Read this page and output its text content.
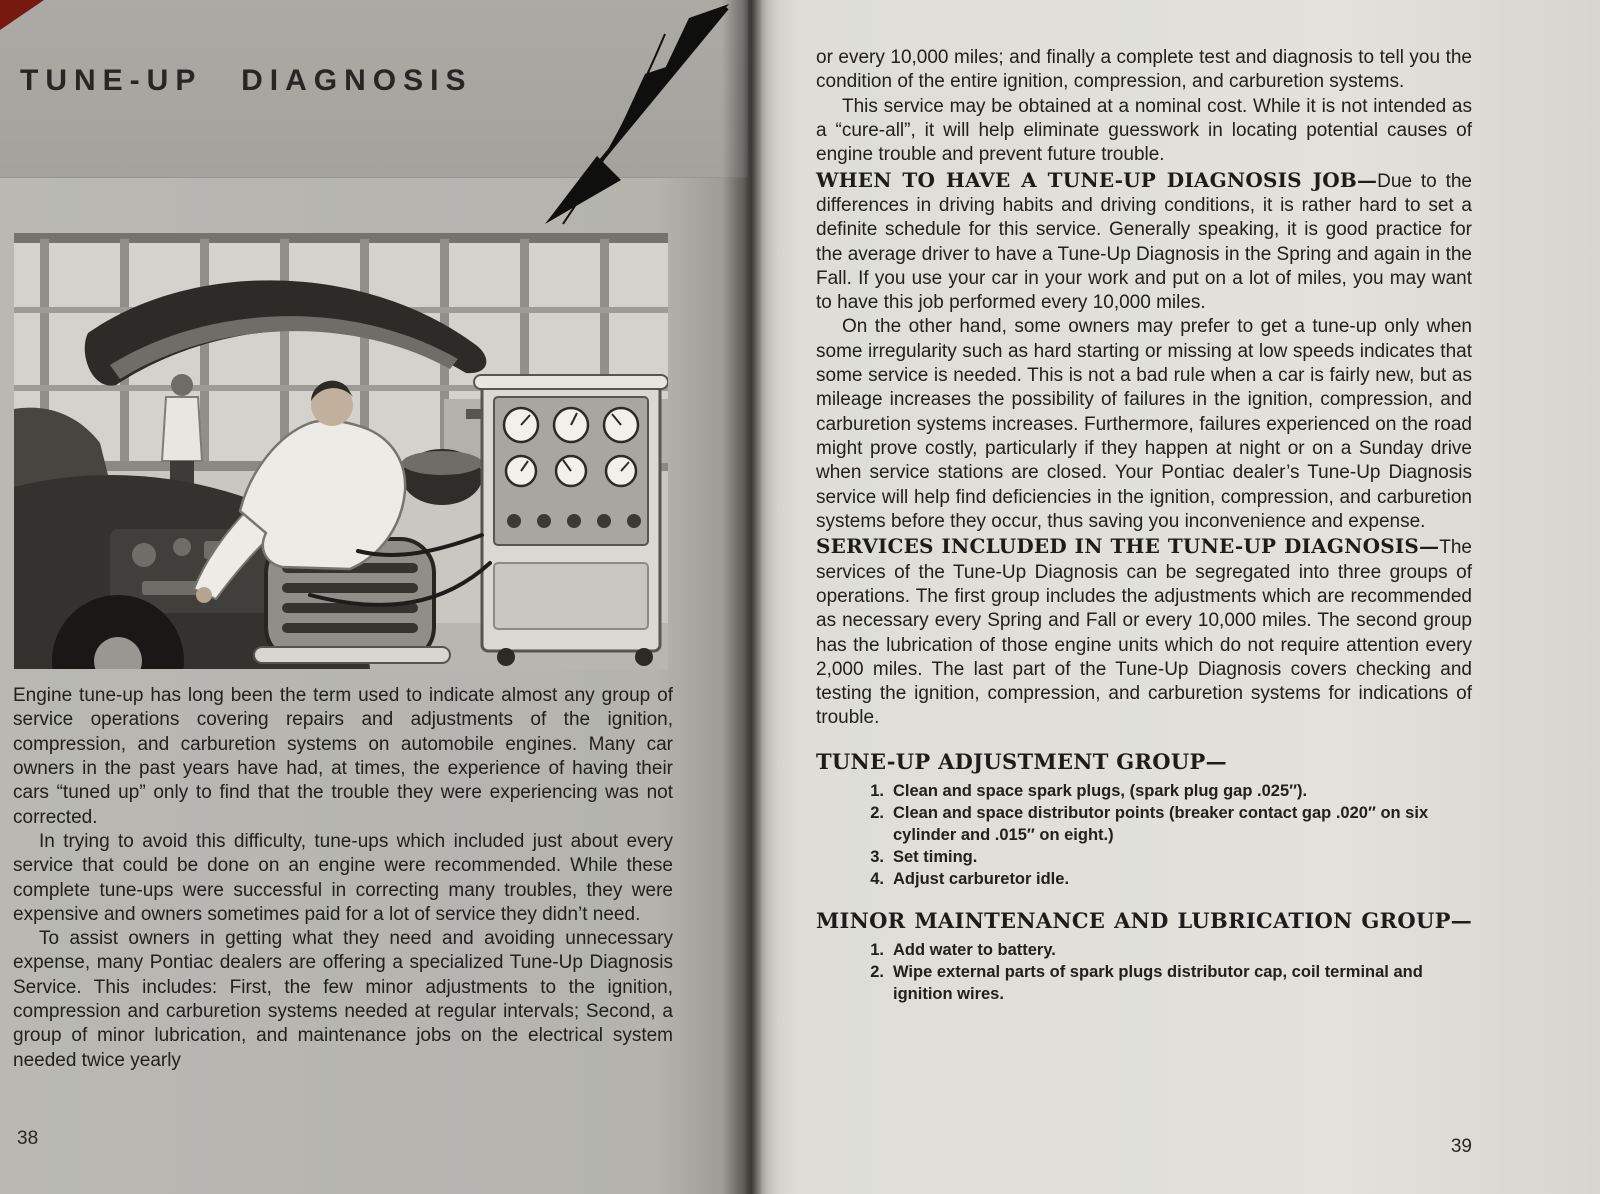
TUNE-UP DIAGNOSIS

Engine tune-up has long been the term used to indicate almost any group of service operations covering repairs and adjustments of the ignition, compression, and carburetion systems on automobile engines. Many car owners in the past years have had, at times, the experience of having their cars “tuned up” only to find that the trouble they were experiencing was not corrected.

In trying to avoid this difficulty, tune-ups which included just about every service that could be done on an engine were recommended. While these complete tune-ups were successful in correcting many troubles, they were expensive and owners sometimes paid for a lot of service they didn’t need.

To assist owners in getting what they need and avoiding unnecessary expense, many Pontiac dealers are offering a specialized Tune-Up Diagnosis Service. This includes: First, the few minor adjustments to the ignition, compression and carburetion systems needed at regular intervals; Second, a group of minor lubrication, and maintenance jobs on the electrical system needed twice yearly

38

or every 10,000 miles; and finally a complete test and diagnosis to tell you the condition of the entire ignition, compression, and carburetion systems.

This service may be obtained at a nominal cost. While it is not intended as a “cure-all”, it will help eliminate guesswork in locating potential causes of engine trouble and prevent future trouble.

WHEN TO HAVE A TUNE-UP DIAGNOSIS JOB—Due to the differences in driving habits and driving conditions, it is rather hard to set a definite schedule for this service. Generally speaking, it is good practice for the average driver to have a Tune-Up Diagnosis in the Spring and again in the Fall. If you use your car in your work and put on a lot of miles, you may want to have this job performed every 10,000 miles.

On the other hand, some owners may prefer to get a tune-up only when some irregularity such as hard starting or missing at low speeds indicates that some service is needed. This is not a bad rule when a car is fairly new, but as mileage increases the possibility of failures in the ignition, compression, and carburetion systems increases. Furthermore, failures experienced on the road might prove costly, particularly if they happen at night or on a Sunday drive when service stations are closed. Your Pontiac dealer’s Tune-Up Diagnosis service will help find deficiencies in the ignition, compression, and carburetion systems before they occur, thus saving you inconvenience and expense.

SERVICES INCLUDED IN THE TUNE-UP DIAGNOSIS—The services of the Tune-Up Diagnosis can be segregated into three groups of operations. The first group includes the adjustments which are recommended as necessary every Spring and Fall or every 10,000 miles. The second group has the lubrication of those engine units which do not require attention every 2,000 miles. The last part of the Tune-Up Diagnosis covers checking and testing the ignition, compression, and carburetion systems for indications of trouble.

TUNE-UP ADJUSTMENT GROUP—
1. Clean and space spark plugs, (spark plug gap .025″).
2. Clean and space distributor points (breaker contact gap .020″ on six cylinder and .015″ on eight.)
3. Set timing.
4. Adjust carburetor idle.
MINOR MAINTENANCE AND LUBRICATION GROUP—
1. Add water to battery.
2. Wipe external parts of spark plugs distributor cap, coil terminal and ignition wires.
39
